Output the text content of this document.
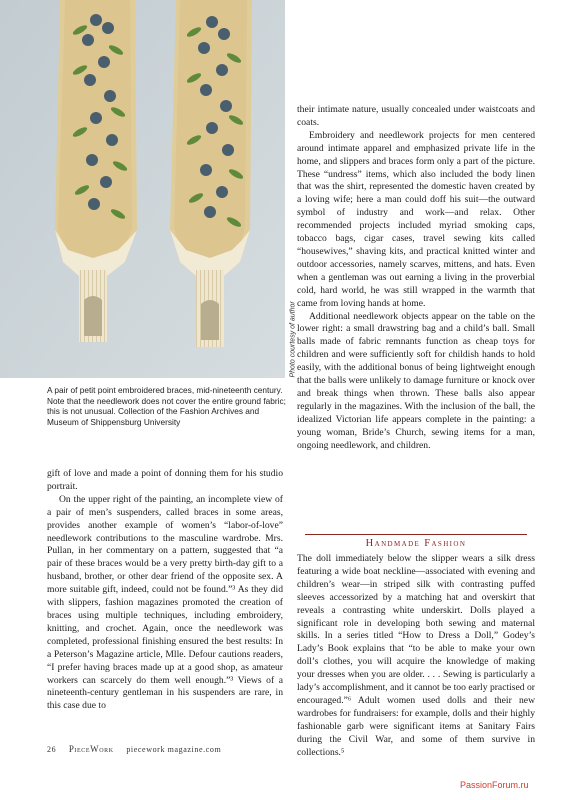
Photo courtesy of author
A pair of petit point embroidered braces, mid-nineteenth century. Note that the needlework does not cover the entire ground fabric; this is not unusual. Collection of the Fashion Archives and Museum of Shippensburg University

gift of love and made a point of donning them for his studio portrait.

On the upper right of the painting, an incomplete view of a pair of men’s suspenders, called braces in some areas, provides another example of women’s “labor-of-love” needlework contributions to the masculine wardrobe. Mrs. Pullan, in her commentary on a pattern, suggested that “a pair of these braces would be a very pretty birth-day gift to a husband, brother, or other dear friend of the opposite sex. A more suitable gift, indeed, could not be found.”³ As they did with slippers, fashion magazines promoted the creation of braces using multiple techniques, including embroidery, knitting, and crochet. Again, once the needlework was completed, professional finishing ensured the best results: In a Peterson’s Magazine article, Mlle. Defour cautions readers, “I prefer having braces made up at a good shop, as amateur workers can scarcely do them well enough.”³ Views of a nineteenth-century gentleman in his suspenders are rare, in this case due to

their intimate nature, usually concealed under waistcoats and coats.

Embroidery and needlework projects for men centered around intimate apparel and emphasized private life in the home, and slippers and braces form only a part of the picture. These “undress” items, which also included the body linen that was the shirt, represented the domestic haven created by a loving wife; here a man could doff his suit—the outward symbol of industry and work—and relax. Other recommended projects included myriad smoking caps, tobacco bags, cigar cases, travel sewing kits called “housewives,” shaving kits, and practical knitted winter and outdoor accessories, namely scarves, mittens, and hats. Even when a gentleman was out earning a living in the proverbial cold, hard world, he was still wrapped in the warmth that came from loving hands at home.

Additional needlework objects appear on the table on the lower right: a small drawstring bag and a child’s ball. Small balls made of fabric remnants function as cheap toys for children and were sufficiently soft for childish hands to hold easily, with the additional bonus of being lightweight enough that the balls were unlikely to damage furniture or knock over and break things when thrown. These balls also appear regularly in the magazines. With the inclusion of the ball, the idealized Victorian life appears complete in the painting: a young woman, Bride’s Church, sewing items for a man, ongoing needlework, and children.

Handmade Fashion

The doll immediately below the slipper wears a silk dress featuring a wide boat neckline—associated with evening and children’s wear—in striped silk with contrasting puffed sleeves accessorized by a matching hat and overskirt that reveals a contrasting white underskirt. Dolls played a significant role in developing both sewing and maternal skills. In a series titled “How to Dress a Doll,” Godey’s Lady’s Book explains that “to be able to make your own doll’s clothes, you will acquire the knowledge of making your dresses when you are older. . . . Sewing is particularly a lady’s accomplishment, and it cannot be too early practised or encouraged.”⁶ Adult women used dolls and their new wardrobes for fundraisers: for example, dolls and their highly fashionable garb were significant items at Sanitary Fairs during the Civil War, and some of them survive in collections.⁵

26 PieceWork piecework magazine.com
PassionForum.ru
